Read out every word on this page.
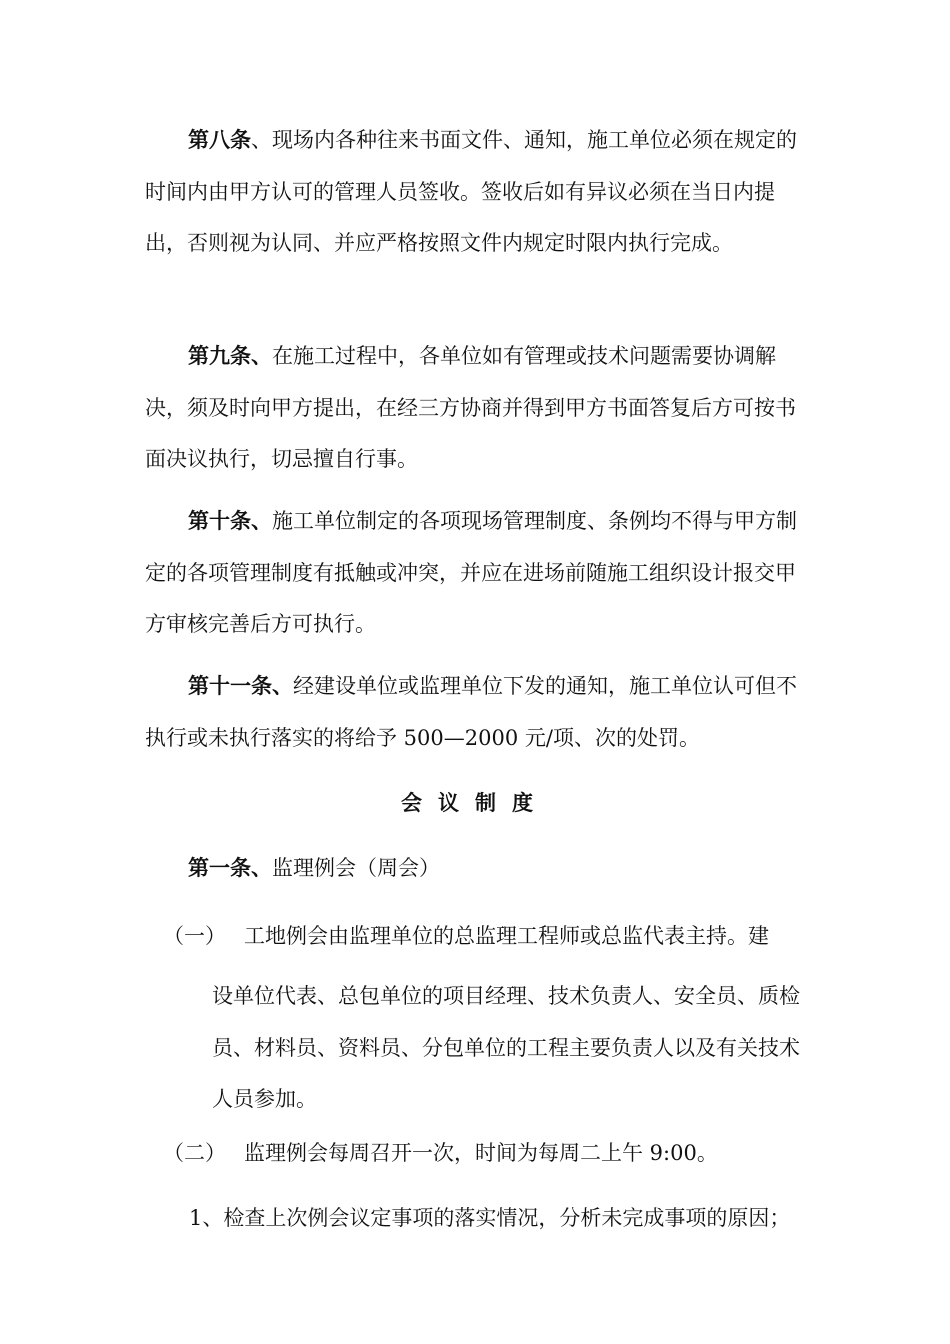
第八条、现场内各种往来书面文件、通知，施工单位必须在规定的时间内由甲方认可的管理人员签收。签收后如有异议必须在当日内提出，否则视为认同、并应严格按照文件内规定时限内执行完成。

第九条、在施工过程中，各单位如有管理或技术问题需要协调解决，须及时向甲方提出，在经三方协商并得到甲方书面答复后方可按书面决议执行，切忌擅自行事。

第十条、施工单位制定的各项现场管理制度、条例均不得与甲方制定的各项管理制度有抵触或冲突，并应在进场前随施工组织设计报交甲方审核完善后方可执行。

第十一条、经建设单位或监理单位下发的通知，施工单位认可但不执行或未执行落实的将给予 500—2000 元/项、次的处罚。

会议制度

第一条、监理例会（周会）

（一） 工地例会由监理单位的总监理工程师或总监代表主持。建
设单位代表、总包单位的项目经理、技术负责人、安全员、质检员、材料员、资料员、分包单位的工程主要负责人以及有关技术人员参加。
（二） 监理例会每周召开一次，时间为每周二上午 9:00。
1、检查上次例会议定事项的落实情况，分析未完成事项的原因；
